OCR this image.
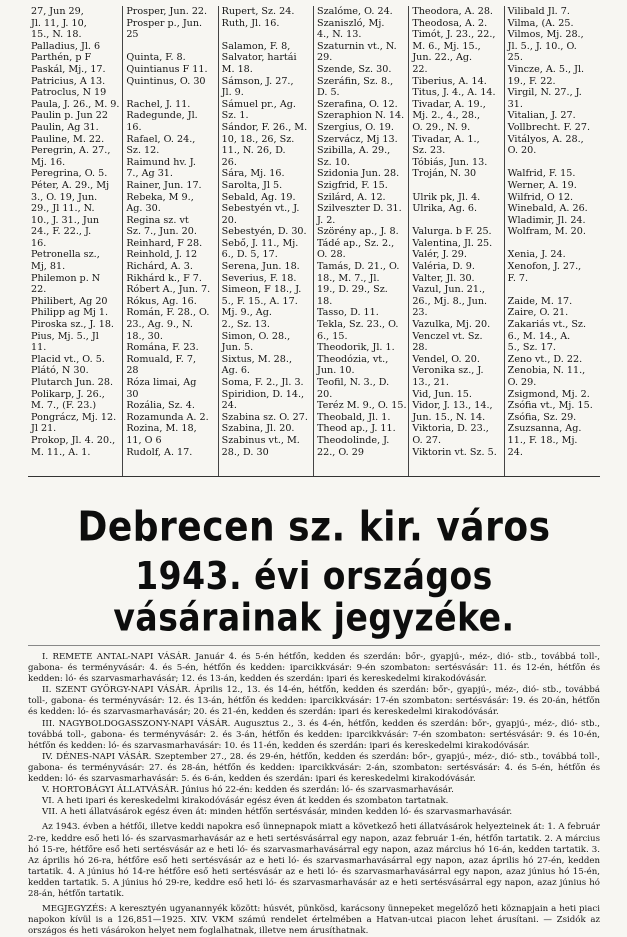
27, Jun 29,
Jl. 11, J. 10,
15., N. 18.
Palladius, Jl. 6
Parthén, p F
Paskál, Mj., 17.
Patricius, A 13.
Patroclus, N 19
Paula, J. 26., M. 9.
Paulin p. Jun 22
Paulin, Ag 31.
Pauline, M. 22.
Peregrin, A. 27.,
Mj. 16.
Peregrina, O. 5.
Péter, A. 29., Mj
3., O. 19, Jun.
29., Jl 11., N.
10., J. 31., Jun
24., F. 22., J.
16.
Petronella sz.,
Mj, 81.
Philemon p. N
22.
Philibert, Ag 20
Philipp ag Mj 1.
Piroska sz., J. 18.
Pius, Mj. 5., Jl
11.
Placid vt., O. 5.
Plátó, N 30.
Plutarch Jun. 28.
Polikarp, J. 26.,
M. 7., (F. 23.)
Pongrácz, Mj. 12.
Jl 21.
Prokop, Jl. 4. 20.,
M. 11., A. 1.
Prosper, Jun. 22.
Prosper p., Jun.
25

Quinta, F. 8.
Quintianus F 11.
Quintinus, O. 30

Rachel, J. 11.
Radegunde, Jl.
16.
Rafael, O. 24.,
Sz. 12.
Raimund hv. J.
7., Ag 31.
Rainer, Jun. 17.
Rebeka, M 9.,
Ag. 30.
Regina sz. vt
Sz. 7., Jun. 20.
Reinhard, F 28.
Reinhold, J. 12
Richárd, A. 3.
Rikhárd k., F 7.
Róbert A., Jun. 7.
Rókus, Ag. 16.
Román, F. 28., O.
23., Ag. 9., N.
18., 30.
Romána, F. 23.
Romuald, F. 7,
28
Róza limai, Ag
30
Rozália, Sz. 4.
Rozamunda A. 2.
Rozina, M. 18,
11, O 6
Rudolf, A. 17.
Rupert, Sz. 24.
Ruth, Jl. 16.

Salamon, F. 8,
Salvator, hartái
M. 18.
Sámson, J. 27.,
Jl. 9.
Sámuel pr., Ag.
Sz. 1.
Sándor, F. 26., M.
10, 18., 26, Sz.
11., N. 26, D.
26.
Sára, Mj. 16.
Sarolta, Jl 5.
Sebald, Ag. 19.
Sebestyén vt., J.
20.
Sebestyén, D. 30.
Sebő, J. 11., Mj.
6., D. 5, 17.
Serena, Jun. 18.
Severius, F. 18.
Simeon, F 18., J.
5., F. 15., A. 17.
Mj. 9., Ag.
2., Sz. 13.
Simon, O. 28.,
Jun. 5.
Sixtus, M. 28.,
Ag. 6.
Soma, F. 2., Jl. 3.
Spiridion, D. 14.,
24.
Szabina sz. O. 27.
Szabina, Jl. 20.
Szabinus vt., M.
28., D. 30
Szalóme, O. 24.
Szaniszló, Mj.
4., N. 13.
Szaturnin vt., N.
29.
Szende, Sz. 30.
Szeráfin, Sz. 8.,
D. 5.
Szerafina, O. 12.
Szeraphion N. 14.
Szergius, O. 19.
Szervácz, Mj 13.
Szibilla, A. 29.,
Sz. 10.
Szidonia Jun. 28.
Szigfrid, F. 15.
Szilárd, A. 12.
Szilveszter D. 31.
J. 2.
Szörény ap., J. 8.
Tádé ap., Sz. 2.,
O. 28.
Tamás, D. 21., O.
18., M. 7., Jl.
19., D. 29., Sz.
18.
Tasso, D. 11.
Tekla, Sz. 23., O.
6., 15.
Theodorik, Jl. 1.
Theodózia, vt.,
Jun. 10.
Teofil, N. 3., D.
20.
Teréz M. 9., O. 15.
Theobald, Jl. 1.
Theod ap., J. 11.
Theodolinde, J.
22., O. 29
Theodora, A. 28.
Theodosa, A. 2.
Timót, J. 23., 22.,
M. 6., Mj. 15.,
Jun. 22., Ag.
22.
Tiberius, A. 14.
Titus, J. 4., A. 14.
Tivadar, A. 19.,
Mj. 2., 4., 28.,
O. 29., N. 9.
Tivadar, A. 1.,
Sz. 23.
Tóbiás, Jun. 13.
Troján, N. 30

Ulrik pk, Jl. 4.
Ulrika, Ag. 6.

Valurga. b F. 25.
Valentina, Jl. 25.
Valér, J. 29.
Valéria, D. 9.
Valter, Jl. 30.
Vazul, Jun. 21.,
26., Mj. 8., Jun.
23.
Vazulka, Mj. 20.
Venczel vt. Sz.
28.
Vendel, O. 20.
Veronika sz., J.
13., 21.
Vid, Jun. 15.
Vidor, J. 13., 14.,
Jun. 15., N. 14.
Viktoria, D. 23.,
O. 27.
Viktorin vt. Sz. 5.
Vilibald Jl. 7.
Vilma, (A. 25.
Vilmos, Mj. 28.,
Jl. 5., J. 10., O.
25.
Vincze, A. 5., Jl.
19., F. 22.
Virgil, N. 27., J.
31.
Vitalian, J. 27.
Vollbrecht. F. 27.
Vitályos, A. 28.,
O. 20.

Walfrid, F. 15.
Werner, A. 19.
Wilfrid, O 12.
Winebald, A. 26.
Wladimir, Jl. 24.
Wolfram, M. 20.

Xenia, J. 24.
Xenofon, J. 27.,
F. 7.

Zaide, M. 17.
Zaire, O. 21.
Zakariás vt., Sz.
6., M. 14., A.
5., Sz. 17.
Zeno vt., D. 22.
Zenobia, N. 11.,
O. 29.
Zsigmond, Mj. 2.
Zsófia vt., Mj. 15.
Zsófia, Sz. 29.
Zsuzsanna, Ag.
11., F. 18., Mj.
24.
Debrecen sz. kir. város
1943. évi országos vásárainak jegyzéke.

I. REMETE ANTAL-NAPI VÁSÁR. Január 4. és 5-én hétfőn, kedden és szerdán: bőr-, gyapjú-, méz-, dió- stb., továbbá toll-, gabona- és terményvásár: 4. és 5-én, hétfőn és kedden: iparcikkvásár: 9-én szombaton: sertésvásár: 11. és 12-én, hétfőn és kedden: ló- és szarvasmarhavásár; 12. és 13-án, kedden és szerdán: ipari és kereskedelmi kirakodóvásár.

II. SZENT GYÖRGY-NAPI VÁSÁR. Április 12., 13. és 14-én, hétfőn, kedden és szerdán: bőr-, gyapjú-, méz-, dió- stb., továbbá toll-, gabona- és terményvásár: 12. és 13-án, hétfőn és kedden: iparcikkvásár: 17-én szombaton: sertésvásár: 19. és 20-án, hétfőn és kedden: ló- és szarvasmarhavásár; 20. és 21-én, kedden és szerdán: ipari és kereskedelmi kirakodóvásár.

III. NAGYBOLDOGASSZONY-NAPI VÁSÁR. Augusztus 2., 3. és 4-én, hétfőn, kedden és szerdán: bőr-, gyapjú-, méz-, dió- stb., továbbá toll-, gabona- és terményvásár: 2. és 3-án, hétfőn és kedden: iparcikkvásár: 7-én szombaton: sertésvásár: 9. és 10-én, hétfőn és kedden: ló- és szarvasmarhavásár: 10. és 11-én, kedden és szerdán: ipari és kereskedelmi kirakodóvásár.

IV. DÉNES-NAPI VÁSÁR. Szeptember 27., 28. és 29-én, hétfőn, kedden és szerdán: bőr-, gyapjú-, méz-, dió- stb., továbbá toll-, gabona- és terményvásár: 27. és 28-án, hétfőn és kedden: iparcikkvásár: 2-án, szombaton: sertésvásár: 4. és 5-én, hétfőn és kedden: ló- és szarvasmarhavásár: 5. és 6-án, kedden és szerdán: ipari és kereskedelmi kirakodóvásár.

V. HORTOBÁGYI ÁLLATVÁSÁR. Június hó 22-én: kedden és szerdán: ló- és szarvasmarhavásár.

VI. A heti ipari és kereskedelmi kirakodóvásár egész éven át kedden és szombaton tartatnak.

VII. A heti állatvásárok egész éven át: minden hétfőn sertésvásár, minden kedden ló- és szarvasmarhavásár.

Az 1943. évben a hétfői, illetve keddi napokra eső ünnepnapok miatt a következő heti állatvásárok helyezteinek át: 1. A február 2-re, keddre eső heti ló- és szarvasmarhavásár az e heti sertésvásárral egy napon, azaz február 1-én, hétfőn tartatik. 2. A március hó 15-re, hétfőre eső heti sertésvásár az e heti ló- és szarvasmarhavásárral egy napon, azaz március hó 16-án, kedden tartatik. 3. Az április hó 26-ra, hétfőre eső heti sertésvásár az e heti ló- és szarvasmarhavásárral egy napon, azaz április hó 27-én, kedden tartatik. 4. A június hó 14-re hétfőre eső heti sertésvásár az e heti ló- és szarvasmarhavásárral egy napon, azaz június hó 15-én, kedden tartatik. 5. A június hó 29-re, keddre eső heti ló- és szarvasmarhavásár az e heti sertésvásárral egy napon, azaz június hó 28-án, hétfőn tartatik.

MEGJEGYZÉS: A keresztyén ugyanannyék között: húsvét, pünkösd, karácsony ünnepeket megelőző heti köznapjain a heti piaci napokon kívül is a 126,851—1925. XIV. VKM számú rendelet értelmében a Hatvan-utcai piacon lehet árusítani. — Zsidók az országos és heti vásárokon helyet nem foglalhatnak, illetve nem árusíthatnak.
